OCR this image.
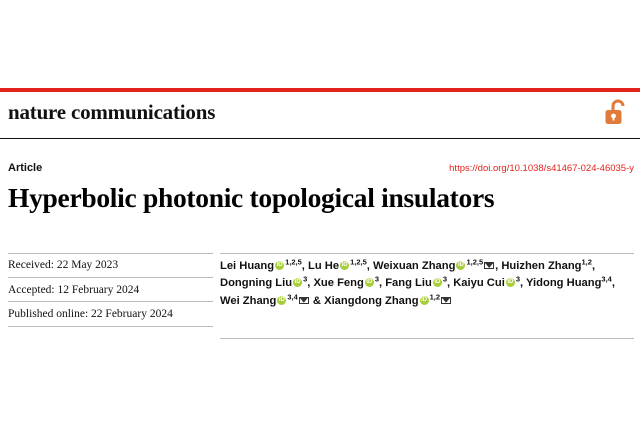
nature communications
Article	https://doi.org/10.1038/s41467-024-46035-y
Hyperbolic photonic topological insulators
Received: 22 May 2023
Accepted: 12 February 2024
Published online: 22 February 2024
Lei Huang iD $^{1,2,5}$, Lu He iD $^{1,2,5}$, Weixuan Zhang iD $^{1,2,5}$ , Huizhen Zhang$^{1,2}$,
Dongning Liu iD $^3$, Xue Feng iD $^3$, Fang Liu iD $^3$, Kaiyu Cui iD $^3$, Yidong Huang$^{3,4}$,
Wei Zhang iD $^{3,4}$ & Xiangdong Zhang iD $^{1,2}$
